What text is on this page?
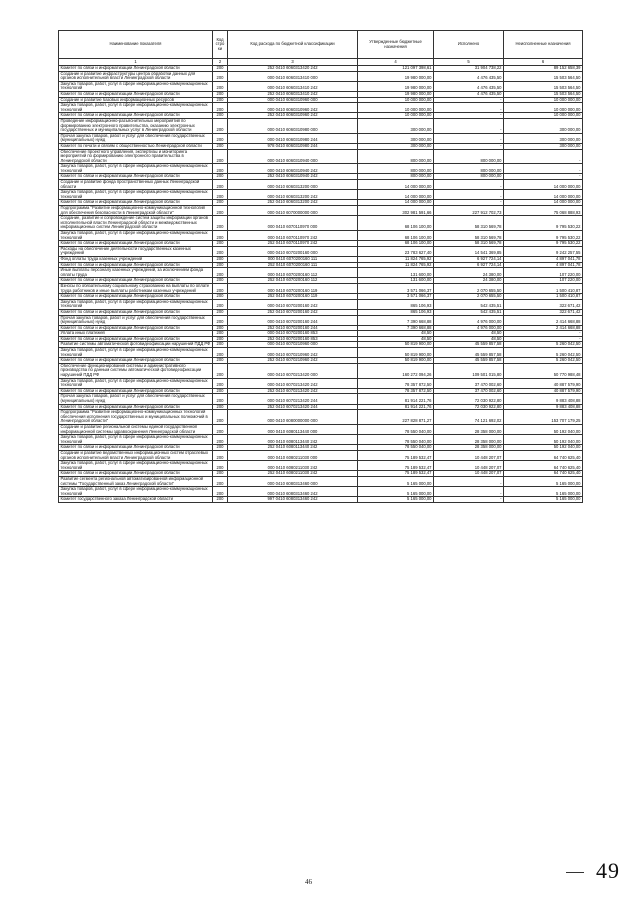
Наименование показателя	Код стро ки	Код расхода по бюджетной классификации	Утвержденные бюджетные назначения	Исполнено	Неисполненные назначения
1	2	3	4	5	6
Комитет по связи и информатизации Ленинградской области	200	252 0410 6060313420 242	121 097 398,61	31 904 738,22	89 152 658,39
Создание и развитие инфраструктуры центра обработки данных для органов исполнительной власти Ленинградской области	200	000 0410 6060313410 000	19 980 000,00	4 476 435,50	15 503 564,50
Закупка товаров, работ, услуг в сфере информационно-коммуникационных технологий	200	000 0410 6060313410 242	19 980 000,00	4 476 435,50	15 503 564,50
Комитет по связи и информатизации Ленинградской области	200	252 0410 6060313410 242	19 980 000,00	4 476 435,50	15 503 564,50
Создание и развитие базовых информационных ресурсов	200	000 0410 6060310960 000	10 000 000,00	-	10 000 000,00
Закупка товаров, работ, услуг в сфере информационно-коммуникационных технологий	200	000 0410 6060310960 242	10 000 000,00	-	10 000 000,00
Комитет по связи и информатизации Ленинградской области	200	252 0410 6060310960 242	10 000 000,00	-	10 000 000,00
Проведение информационно-разъяснительных мероприятий по формированию электронного правительства, оказанию электронных государственных и муниципальных услуг в Ленинградской области	200	000 0410 6060310980 000	300 000,00	-	300 000,00
Прочая закупка товаров, работ и услуг для обеспечения государственных (муниципальных) нужд	200	000 0410 6060310980 244	300 000,00	-	300 000,00
Комитет по печати и связям с общественностью Ленинградской области	200	978 0410 6060310980 244	300 000,00	-	300 000,00
Обеспечение проектного управления, экспертизы и мониторинга мероприятий по формированию электронного правительства в Ленинградской области	200	000 0410 6060310940 000	800 000,00	800 000,00	-
Закупка товаров, работ, услуг в сфере информационно-коммуникационных технологий	200	000 0410 6060310940 242	800 000,00	800 000,00	-
Комитет по связи и информатизации Ленинградской области	200	252 0410 6060310940 242	800 000,00	800 000,00	-
Создание и развитие фонда пространственных данных Ленинградской области	200	000 0410 6060313200 000	14 000 000,00	-	14 000 000,00
Закупка товаров, работ, услуг в сфере информационно-коммуникационных технологий	200	000 0410 6060313200 242	14 000 000,00	-	14 000 000,00
Комитет по связи и информатизации Ленинградской области	200	252 0410 6060313200 242	14 000 000,00	-	14 000 000,00
Подпрограмма "Развитие информационно-коммуникационной технологий для обеспечения безопасности в Ленинградской области"	200	000 0410 6070000000 000	302 981 591,66	227 912 702,73	75 068 888,93
Создание, развитие и сопровождение систем защиты информации органов исполнительной власти Ленинградской области и межведомственных информационных систем Ленинградской области	200	000 0410 6070110970 000	68 106 100,00	58 310 569,78	9 795 530,22
Закупка товаров, работ, услуг в сфере информационно-коммуникационных технологий	200	000 0410 6070110970 242	68 106 100,00	58 310 569,78	9 795 530,22
Комитет по связи и информатизации Ленинградской области	200	252 0410 6070110970 242	68 106 100,00	58 310 569,78	9 795 530,22
Расходы на обеспечение деятельности государственных казенных учреждений	200	000 0410 6070200160 000	23 783 627,40	14 541 369,85	9 242 257,55
Фонд оплаты труда казенных учреждений	200	000 0410 6070200160 111	11 824 765,92	6 927 724,14	4 897 041,78
Комитет по связи и информатизации Ленинградской области	200	252 0410 6070200160 111	11 824 765,92	6 927 724,14	4 897 041,78
Иные выплаты персоналу казенных учреждений, за исключением фонда оплаты труда	200	000 0410 6070200160 112	131 600,00	24 380,00	107 220,00
Комитет по связи и информатизации Ленинградской области	200	252 0410 6070200160 112	131 600,00	24 380,00	107 220,00
Взносы по обязательному социальному страхованию на выплаты по оплате труда работников и иные выплаты работникам казенных учреждений	200	000 0410 6070200160 119	3 571 066,37	2 070 655,50	1 500 410,87
Комитет по связи и информатизации Ленинградской области	200	252 0410 6070200160 119	3 571 066,37	2 070 655,50	1 500 410,87
Закупка товаров, работ, услуг в сфере информационно-коммуникационных технологий	200	000 0410 6070200160 242	865 106,93	542 435,51	322 671,42
Комитет по связи и информатизации Ленинградской области	200	252 0410 6070200160 242	865 106,93	542 435,51	322 671,42
Прочая закупка товаров, работ и услуг для обеспечения государственных (муниципальных) нужд	200	000 0410 6070200160 244	7 390 668,88	4 976 000,00	2 414 668,88
Комитет по связи и информатизации Ленинградской области	200	252 0410 6070200160 244	7 390 668,88	4 976 000,00	2 414 668,88
Уплата иных платежей	200	000 0410 6070200160 853	48,50	48,50	-
Комитет по связи и информатизации Ленинградской области	200	252 0410 6070200160 853	48,50	48,50	-
Развитие системы автоматической фотовидеофиксации нарушений ПДД РФ	200	000 0410 6070210960 000	50 819 900,00	45 559 857,58	5 260 042,50
Закупка товаров, работ, услуг в сфере информационно-коммуникационных технологий	200	000 0410 6070210960 242	50 819 900,00	45 559 857,58	5 260 042,50
Комитет по связи и информатизации Ленинградской области	200	252 0410 6070210960 242	50 819 900,00	45 559 857,58	5 260 042,50
Обеспечение функционирования системы и административного производства по данным системы автоматической фотовидеофиксации нарушений ПДД РФ	200	000 0410 6070213420 000	160 272 094,26	109 501 015,80	50 770 988,48
Закупка товаров, работ, услуг в сфере информационно-коммуникационных технологий	200	000 0410 6070213420 242	78 357 872,50	37 470 002,60	40 887 579,90
Комитет по связи и информатизации Ленинградской области	200	252 0410 6070213420 242	78 357 872,50	37 470 002,60	40 887 579,90
Прочая закупка товаров, работ и услуг для обеспечения государственных (муниципальных) нужд	200	000 0410 6070213420 244	81 914 221,76	72 030 922,80	9 883 408,88
Комитет по связи и информатизации Ленинградской области	200	252 0410 6070213420 244	81 914 221,76	72 030 922,80	9 883 408,88
Подпрограмма "Развитие информационно-коммуникационных технологий обеспечения исполнения государственных и муниципальных полномочий в Ленинградской области"	200	000 0410 6080000000 000	227 828 871,27	74 121 692,02	153 707 179,25
Создание и развитие региональной системы единой государственной информационной системы здравоохранения Ленинградской области	200	000 0410 6080113440 000	78 550 040,00	28 358 000,00	50 192 040,00
Закупка товаров, работ, услуг в сфере информационно-коммуникационных технологий	200	000 0410 6080113440 242	78 550 040,00	28 358 000,00	50 192 040,00
Комитет по связи и информатизации Ленинградской области	200	252 0410 6080113440 242	78 550 040,00	28 358 000,00	50 192 040,00
Создание и развитие ведомственных информационных систем отраслевых органов исполнительной власти Ленинградской области	200	000 0410 6080211030 000	75 189 532,47	10 448 207,07	64 740 625,40
Закупка товаров, работ, услуг в сфере информационно-коммуникационных технологий	200	000 0410 6080211030 242	75 189 532,47	10 448 207,07	64 740 625,40
Комитет по связи и информатизации Ленинградской области	200	252 0410 6080211030 242	75 189 532,47	10 448 207,07	64 740 625,40
Развитие сегмента региональной автоматизированной информационной системы "Государственный заказ Ленинградской области"	200	000 0410 6080313460 000	5 165 000,00	-	5 165 000,00
Закупка товаров, работ, услуг в сфере информационно-коммуникационных технологий	200	000 0410 6080313460 242	5 165 000,00	-	5 165 000,00
Комитет государственного заказа Ленинградской области	200	997 0410 6080313460 242	5 165 000,00	-	5 165 000,00
46	49
